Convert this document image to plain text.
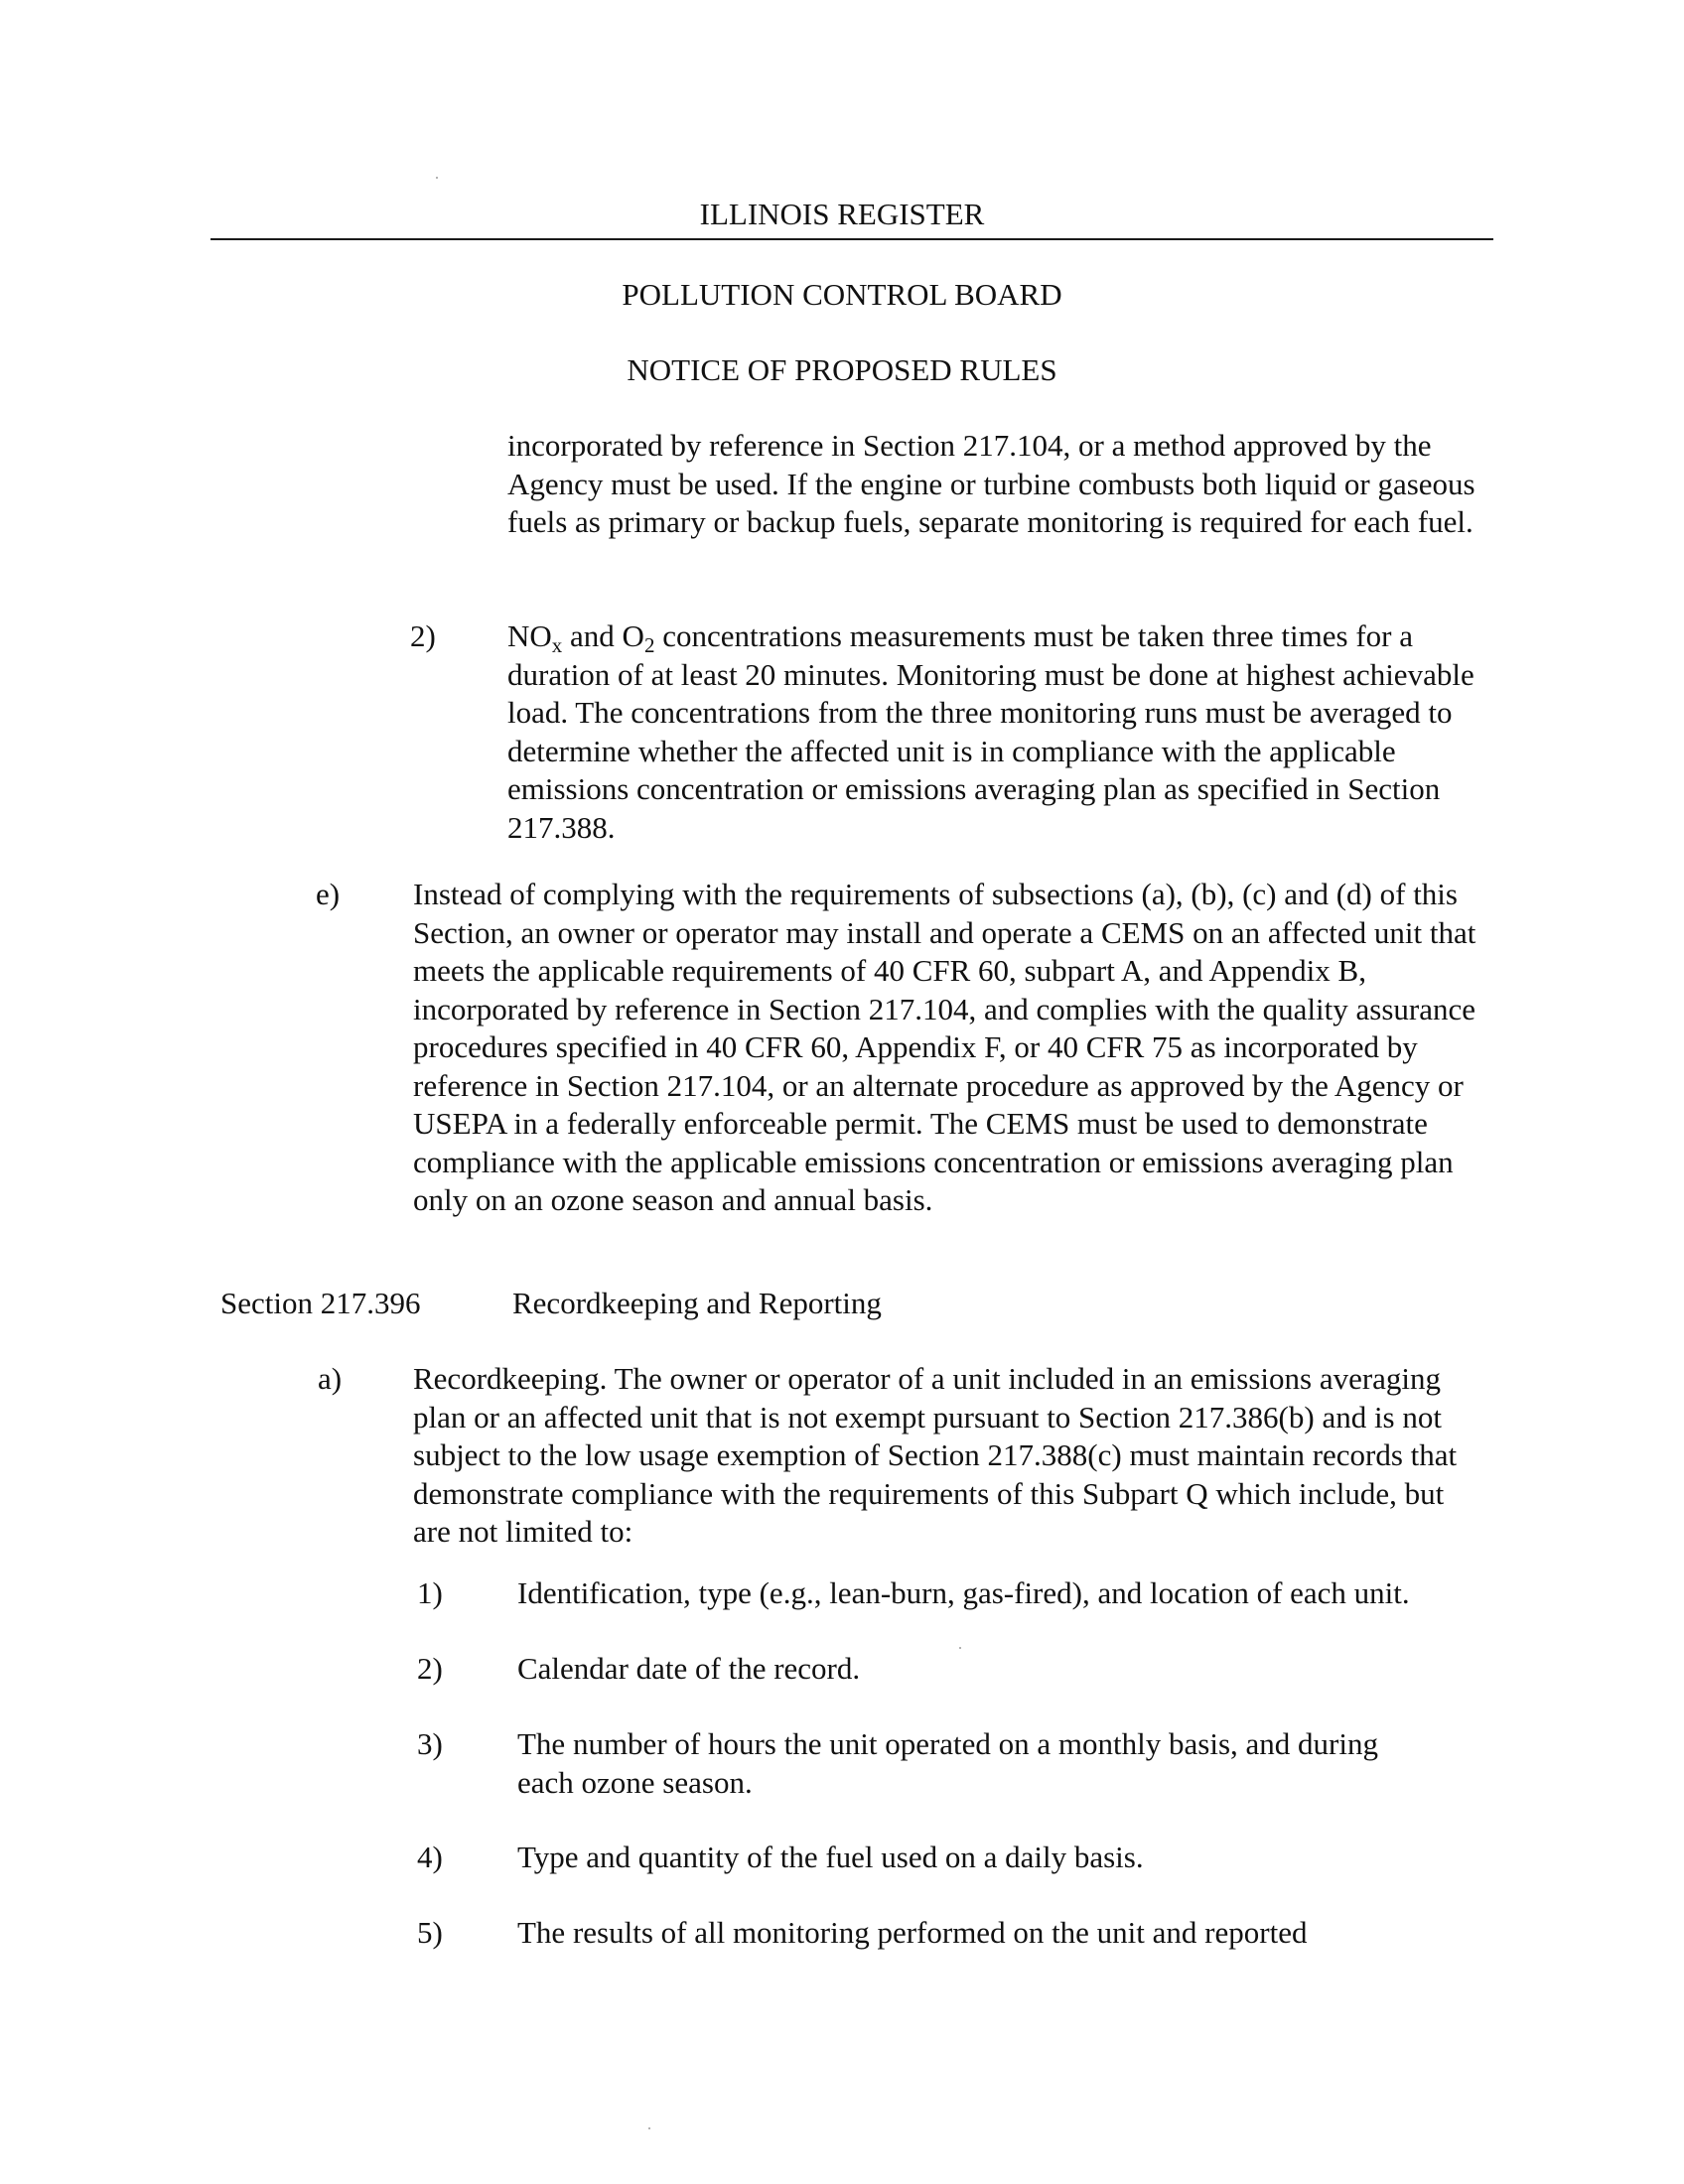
ILLINOIS REGISTER
POLLUTION CONTROL BOARD
NOTICE OF PROPOSED RULES

incorporated by reference in Section 217.104, or a method approved by the Agency must be used. If the engine or turbine combusts both liquid or gaseous fuels as primary or backup fuels, separate monitoring is required for each fuel.

2) $NO_x$ and $O_2$ concentrations measurements must be taken three times for a duration of at least 20 minutes. Monitoring must be done at highest achievable load. The concentrations from the three monitoring runs must be averaged to determine whether the affected unit is in compliance with the applicable emissions concentration or emissions averaging plan as specified in Section 217.388.

e) Instead of complying with the requirements of subsections (a), (b), (c) and (d) of this Section, an owner or operator may install and operate a CEMS on an affected unit that meets the applicable requirements of 40 CFR 60, subpart A, and Appendix B, incorporated by reference in Section 217.104, and complies with the quality assurance procedures specified in 40 CFR 60, Appendix F, or 40 CFR 75 as incorporated by reference in Section 217.104, or an alternate procedure as approved by the Agency or USEPA in a federally enforceable permit. The CEMS must be used to demonstrate compliance with the applicable emissions concentration or emissions averaging plan only on an ozone season and annual basis.

Section 217.396	Recordkeeping and Reporting
a) Recordkeeping. The owner or operator of a unit included in an emissions averaging plan or an affected unit that is not exempt pursuant to Section 217.386(b) and is not subject to the low usage exemption of Section 217.388(c) must maintain records that demonstrate compliance with the requirements of this Subpart Q which include, but are not limited to:

1) Identification, type (e.g., lean-burn, gas-fired), and location of each unit.

2) Calendar date of the record.

3) The number of hours the unit operated on a monthly basis, and during each ozone season.

4) Type and quantity of the fuel used on a daily basis.

5) The results of all monitoring performed on the unit and reported
